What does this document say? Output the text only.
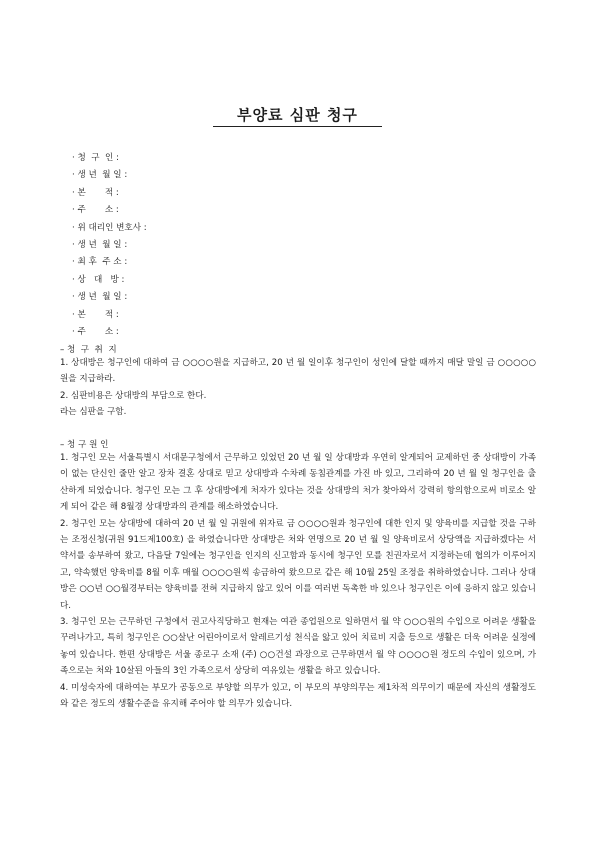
부양료 심판 청구
· 청  구  인 :
· 생 년  월 일 :
· 본       적 :
· 주       소 :
· 위 대리인 변호사 :
· 생 년  월 일 :
· 최 후  주 소 :
· 상   대   방 :
· 생 년  월 일 :
· 본       적 :
· 주       소 :
– 청  구  취  지

1. 상대방은 청구인에 대하여 금 ○○○○원을 지급하고, 20 년 월 일이후 청구인이 성인에 달할 때까지 매달 말일 금 ○○○○○원을 지급하라.

2. 심판비용은 상대방의 부담으로 한다.

라는 심판을 구함.

– 청 구 원 인

1. 청구인 모는 서울특별시 서대문구청에서 근무하고 있었던 20 년 월 일 상대방과 우연히 알게되어 교제하던 중 상대방이 가족이 없는 단신인 줄만 알고 장차 결혼 상대로 믿고 상대방과 수차례 동침관계를 가진 바 있고, 그리하여 20 년 월 일 청구인을 출산하게 되었습니다. 청구인 모는 그 후 상대방에게 처자가 있다는 것을 상대방의 처가 찾아와서 강력히 항의함으로써 비로소 알게 되어 같은 해 8월경 상대방과의 관계를 해소하였습니다.

2. 청구인 모는 상대방에 대하여 20 년 월 일 귀원에 위자료 금 ○○○○원과 청구인에 대한 인지 및 양육비를 지급할 것을 구하는 조정신청(귀원 91드제100호) 을 하였습니다만 상대방은 처와 연명으로 20 년 월 일 양육비로서 상당액을 지급하겠다는 서약서를 송부하여 왔고, 다음달 7일에는 청구인을 인지의 신고함과 동시에 청구인 모를 친권자로서 지정하는데 협의가 이루어지고, 약속했던 양육비를 8월 이후 매월 ○○○○원씩 송금하여 왔으므로 같은 해 10월 25일 조정을 취하하였습니다. 그러나 상대방은 ○○년 ○○월경부터는 양육비를 전혀 지급하지 않고 있어 이를 여러번 독촉한 바 있으나 청구인은 이에 응하지 않고 있습니다.

3. 청구인 모는 근무하던 구청에서 권고사직당하고 현재는 여관 종업원으로 일하면서 월 약 ○○○원의 수입으로 어려운 생활을 꾸려나가고, 특히 청구인은 ○○살난 어린아이로서 알레르기성 천식을 앓고 있어 치료비 지출 등으로 생활은 더욱 어려운 실정에 놓여 있습니다. 한편 상대방은 서울 종로구 소재 (주) ○○건설 과장으로 근무하면서 월 약 ○○○○원 정도의 수입이 있으며, 가족으로는 처와 10살된 아들의 3인 가족으로서 상당히 여유있는 생활을 하고 있습니다.

4. 미성숙자에 대하여는 부모가 공동으로 부양할 의무가 있고, 이 부모의 부양의무는 제1차적 의무이기 때문에 자신의 생활정도와 같은 정도의 생활수준을 유지해 주어야 할 의무가 있습니다.
